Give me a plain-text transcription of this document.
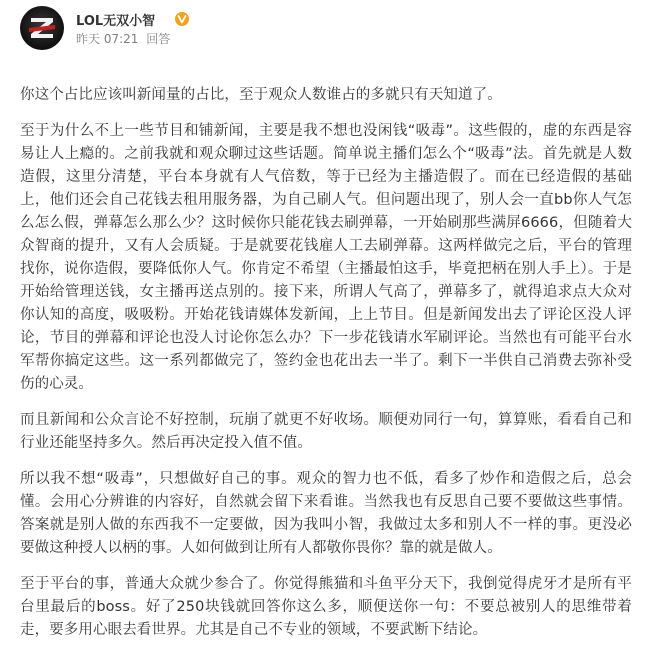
LOL无双小智
昨天 07:21 回答

你这个占比应该叫新闻量的占比，至于观众人数谁占的多就只有天知道了。

至于为什么不上一些节目和铺新闻，主要是我不想也没闲钱“吸毒”。这些假的，虚的东西是容易让人上瘾的。之前我就和观众聊过这些话题。简单说主播们怎么个“吸毒”法。首先就是人数造假，这里分清楚，平台本身就有人气倍数，等于已经为主播造假了。而在已经造假的基础上，他们还会自己花钱去租用服务器，为自己刷人气。但问题出现了，别人会一直bb你人气怎么怎么假，弹幕怎么那么少？这时候你只能花钱去刷弹幕，一开始刷那些满屏6666，但随着大众智商的提升，又有人会质疑。于是就要花钱雇人工去刷弹幕。这两样做完之后，平台的管理找你，说你造假，要降低你人气。你肯定不希望（主播最怕这手，毕竟把柄在别人手上）。于是开始给管理送钱，女主播再送点别的。接下来，所谓人气高了，弹幕多了，就得追求点大众对你认知的高度，吸吸粉。开始花钱请媒体发新闻，上上节目。但是新闻发出去了评论区没人评论，节目的弹幕和评论也没人讨论你怎么办？下一步花钱请水军刷评论。当然也有可能平台水军帮你搞定这些。这一系列都做完了，签约金也花出去一半了。剩下一半供自己消费去弥补受伤的心灵。

而且新闻和公众言论不好控制，玩崩了就更不好收场。顺便劝同行一句，算算账，看看自己和行业还能坚持多久。然后再决定投入值不值。

所以我不想“吸毒”，只想做好自己的事。观众的智力也不低，看多了炒作和造假之后，总会懂。会用心分辨谁的内容好，自然就会留下来看谁。当然我也有反思自己要不要做这些事情。答案就是别人做的东西我不一定要做，因为我叫小智，我做过太多和别人不一样的事。更没必要做这种授人以柄的事。人如何做到让所有人都敬你畏你？靠的就是做人。

至于平台的事，普通大众就少参合了。你觉得熊猫和斗鱼平分天下，我倒觉得虎牙才是所有平台里最后的boss。好了250块钱就回答你这么多，顺便送你一句：不要总被别人的思维带着走，要多用心眼去看世界。尤其是自己不专业的领域，不要武断下结论。
